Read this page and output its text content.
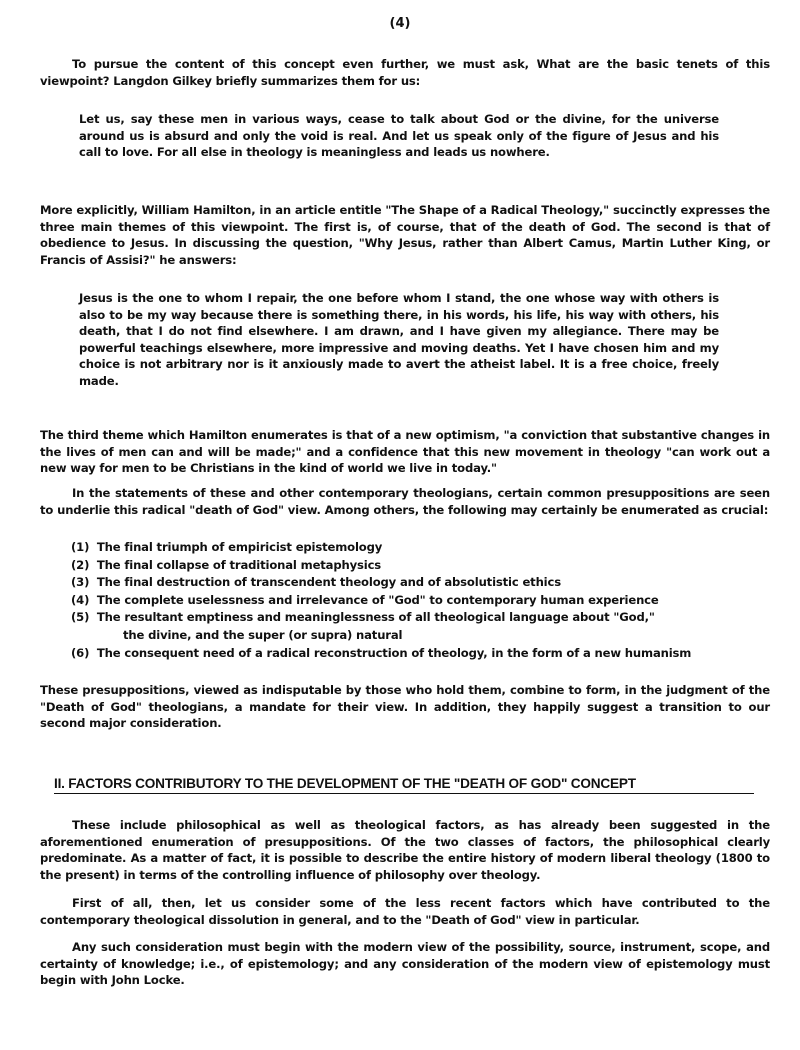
(4)

To pursue the content of this concept even further, we must ask, What are the basic tenets of this viewpoint? Langdon Gilkey briefly summarizes them for us:

Let us, say these men in various ways, cease to talk about God or the divine, for the universe around us is absurd and only the void is real. And let us speak only of the figure of Jesus and his call to love. For all else in theology is meaningless and leads us nowhere.

More explicitly, William Hamilton, in an article entitle "The Shape of a Radical Theology," succinctly expresses the three main themes of this viewpoint. The first is, of course, that of the death of God. The second is that of obedience to Jesus. In discussing the question, "Why Jesus, rather than Albert Camus, Martin Luther King, or Francis of Assisi?" he answers:

Jesus is the one to whom I repair, the one before whom I stand, the one whose way with others is also to be my way because there is something there, in his words, his life, his way with others, his death, that I do not find elsewhere. I am drawn, and I have given my allegiance. There may be powerful teachings elsewhere, more impressive and moving deaths. Yet I have chosen him and my choice is not arbitrary nor is it anxiously made to avert the atheist label. It is a free choice, freely made.

The third theme which Hamilton enumerates is that of a new optimism, "a conviction that substantive changes in the lives of men can and will be made;" and a confidence that this new movement in theology "can work out a new way for men to be Christians in the kind of world we live in today."

In the statements of these and other contemporary theologians, certain common presuppositions are seen to underlie this radical "death of God" view. Among others, the following may certainly be enumerated as crucial:

(1) The final triumph of empiricist epistemology
(2) The final collapse of traditional metaphysics
(3) The final destruction of transcendent theology and of absolutistic ethics
(4) The complete uselessness and irrelevance of "God" to contemporary human experience
(5) The resultant emptiness and meaninglessness of all theological language about "God,"
the divine, and the super (or supra) natural
(6) The consequent need of a radical reconstruction of theology, in the form of a new humanism

These presuppositions, viewed as indisputable by those who hold them, combine to form, in the judgment of the "Death of God" theologians, a mandate for their view. In addition, they happily suggest a transition to our second major consideration.

II. FACTORS CONTRIBUTORY TO THE DEVELOPMENT OF THE "DEATH OF GOD" CONCEPT

These include philosophical as well as theological factors, as has already been suggested in the aforementioned enumeration of presuppositions. Of the two classes of factors, the philosophical clearly predominate. As a matter of fact, it is possible to describe the entire history of modern liberal theology (1800 to the present) in terms of the controlling influence of philosophy over theology.

First of all, then, let us consider some of the less recent factors which have contributed to the contemporary theological dissolution in general, and to the "Death of God" view in particular.

Any such consideration must begin with the modern view of the possibility, source, instrument, scope, and certainty of knowledge; i.e., of epistemology; and any consideration of the modern view of epistemology must begin with John Locke.
